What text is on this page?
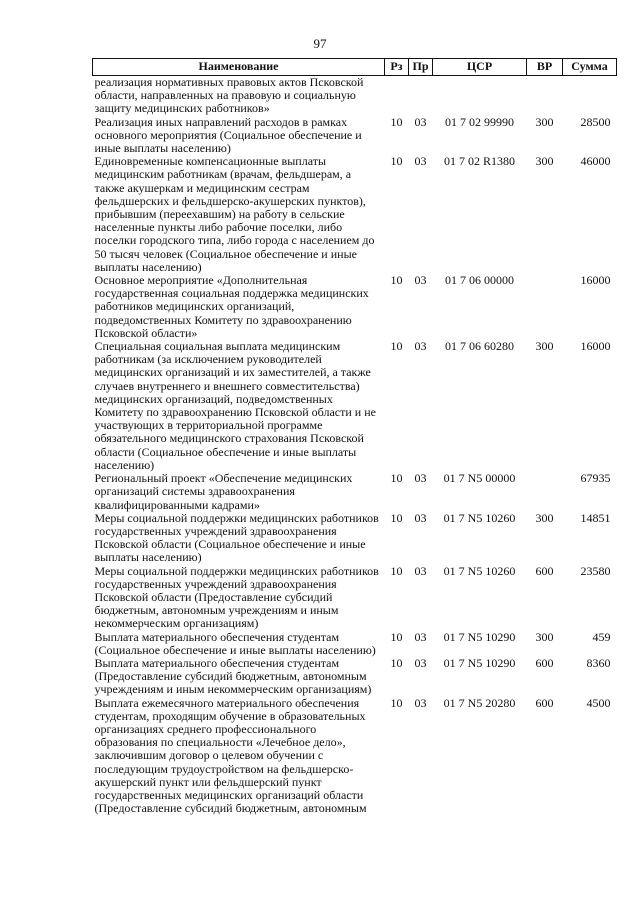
97
Наименование	Рз	Пр	ЦСР	ВР	Сумма
реализация нормативных правовых актов Псковской области, направленных на правовую и социальную защиту медицинских работников»					
Реализация иных направлений расходов в рамках основного мероприятия (Социальное обеспечение и иные выплаты населению)	10	03	01 7 02 99990	300	28500
Единовременные компенсационные выплаты медицинским работникам (врачам, фельдшерам, а также акушеркам и медицинским сестрам фельдшерских и фельдшерско-акушерских пунктов), прибывшим (переехавшим) на работу в сельские населенные пункты либо рабочие поселки, либо поселки городского типа, либо города с населением до 50 тысяч человек (Социальное обеспечение и иные выплаты населению)	10	03	01 7 02 R1380	300	46000
Основное мероприятие «Дополнительная государственная социальная поддержка медицинских работников медицинских организаций, подведомственных Комитету по здравоохранению Псковской области»	10	03	01 7 06 00000		16000
Специальная социальная выплата медицинским работникам (за исключением руководителей медицинских организаций и их заместителей, а также случаев внутреннего и внешнего совместительства) медицинских организаций, подведомственных Комитету по здравоохранению Псковской области и не участвующих в территориальной программе обязательного медицинского страхования Псковской области (Социальное обеспечение и иные выплаты населению)	10	03	01 7 06 60280	300	16000
Региональный проект «Обеспечение медицинских организаций системы здравоохранения квалифицированными кадрами»	10	03	01 7 N5 00000		67935
Меры социальной поддержки медицинских работников государственных учреждений здравоохранения Псковской области (Социальное обеспечение и иные выплаты населению)	10	03	01 7 N5 10260	300	14851
Меры социальной поддержки медицинских работников государственных учреждений здравоохранения Псковской области (Предоставление субсидий бюджетным, автономным учреждениям и иным некоммерческим организациям)	10	03	01 7 N5 10260	600	23580
Выплата материального обеспечения студентам (Социальное обеспечение и иные выплаты населению)	10	03	01 7 N5 10290	300	459
Выплата материального обеспечения студентам (Предоставление субсидий бюджетным, автономным учреждениям и иным некоммерческим организациям)	10	03	01 7 N5 10290	600	8360
Выплата ежемесячного материального обеспечения студентам, проходящим обучение в образовательных организациях среднего профессионального образования по специальности «Лечебное дело», заключившим договор о целевом обучении с последующим трудоустройством на фельдшерско-акушерский пункт или фельдшерский пункт государственных медицинских организаций области (Предоставление субсидий бюджетным, автономным	10	03	01 7 N5 20280	600	4500
